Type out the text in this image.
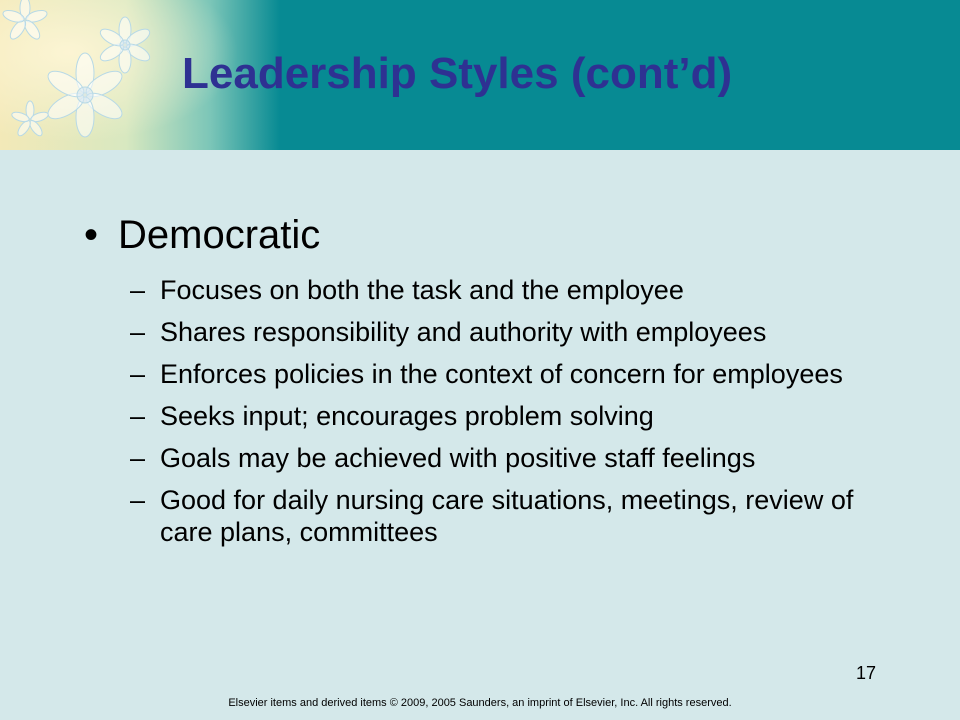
Leadership Styles (cont’d)
• Democratic
– Focuses on both the task and the employee
– Shares responsibility and authority with employees
– Enforces policies in the context of concern for employees
– Seeks input; encourages problem solving
– Goals may be achieved with positive staff feelings
– Good for daily nursing care situations, meetings, review of care plans, committees
17
Elsevier items and derived items © 2009, 2005 Saunders, an imprint of Elsevier, Inc. All rights reserved.
